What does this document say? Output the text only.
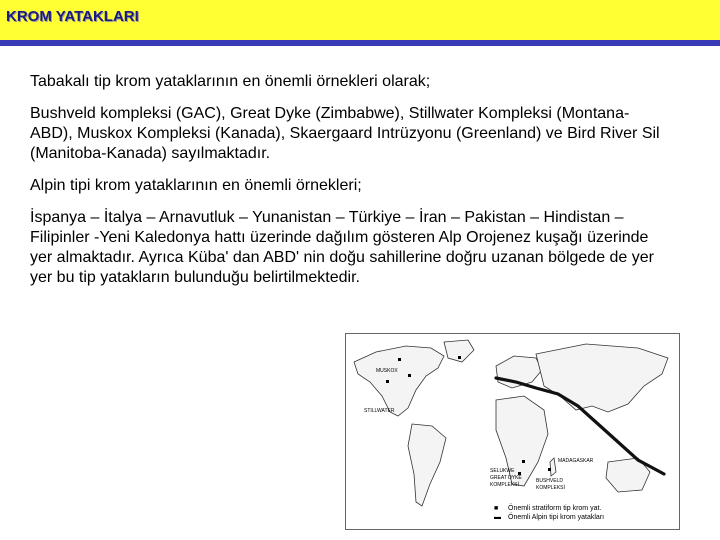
KROM YATAKLARI

Tabakalı tip krom yataklarının en önemli örnekleri olarak;

Bushveld kompleksi (GAC), Great Dyke (Zimbabwe), Stillwater Kompleksi (Montana-ABD), Muskox Kompleksi (Kanada), Skaergaard Intrüzyonu (Greenland) ve Bird River Sil (Manitoba-Kanada) sayılmaktadır.

Alpin tipi krom yataklarının en önemli örnekleri;

İspanya – İtalya – Arnavutluk – Yunanistan – Türkiye – İran – Pakistan – Hindistan – Filipinler -Yeni Kaledonya hattı üzerinde dağılım gösteren Alp Orojenez kuşağı üzerinde yer almaktadır. Ayrıca Küba' dan ABD' nin doğu sahillerine doğru uzanan bölgede de yer yer bu tip yatakların bulunduğu belirtilmektedir.

MUSKOX
STILLWATER
SELUKWE
GREAT DYKE
KOMPLEKSİ
MADAGASKAR
BUSHVELD
KOMPLEKSİ
■	Önemli stratiform tip krom yat.
▬	Önemli Alpin tipi krom yatakları
